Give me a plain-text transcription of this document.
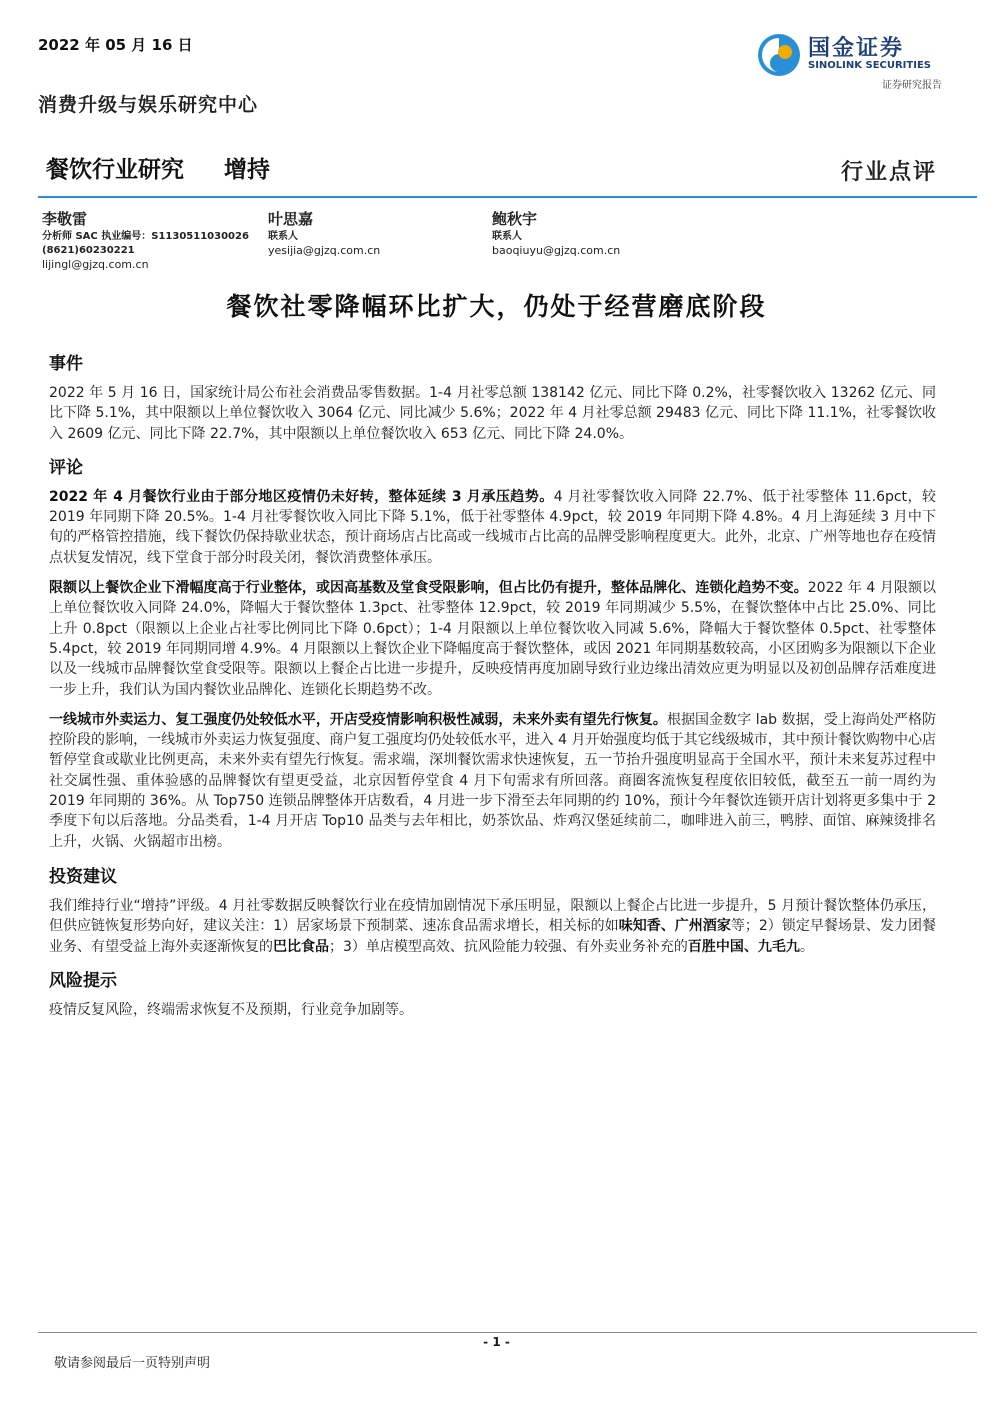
2022 年 05 月 16 日	国金证券
SINOLINK SECURITIES
证券研究报告
消费升级与娱乐研究中心
餐饮行业研究 增持	行业点评
李敬雷
分析师 SAC 执业编号：S1130511030026
(8621)60230221
lijingl@gjzq.com.cn
叶思嘉
联系人
yesijia@gjzq.com.cn
鲍秋宇
联系人
baoqiuyu@gjzq.com.cn
餐饮社零降幅环比扩大，仍处于经营磨底阶段
事件

2022 年 5 月 16 日，国家统计局公布社会消费品零售数据。1-4 月社零总额 138142 亿元、同比下降 0.2%，社零餐饮收入 13262 亿元、同比下降 5.1%，其中限额以上单位餐饮收入 3064 亿元、同比减少 5.6%；2022 年 4 月社零总额 29483 亿元、同比下降 11.1%，社零餐饮收入 2609 亿元、同比下降 22.7%，其中限额以上单位餐饮收入 653 亿元、同比下降 24.0%。

评论

2022 年 4 月餐饮行业由于部分地区疫情仍未好转，整体延续 3 月承压趋势。4 月社零餐饮收入同降 22.7%、低于社零整体 11.6pct，较 2019 年同期下降 20.5%。1-4 月社零餐饮收入同比下降 5.1%，低于社零整体 4.9pct，较 2019 年同期下降 4.8%。4 月上海延续 3 月中下旬的严格管控措施，线下餐饮仍保持歇业状态，预计商场店占比高或一线城市占比高的品牌受影响程度更大。此外，北京、广州等地也存在疫情点状复发情况，线下堂食于部分时段关闭，餐饮消费整体承压。

限额以上餐饮企业下滑幅度高于行业整体，或因高基数及堂食受限影响，但占比仍有提升，整体品牌化、连锁化趋势不变。2022 年 4 月限额以上单位餐饮收入同降 24.0%，降幅大于餐饮整体 1.3pct、社零整体 12.9pct，较 2019 年同期减少 5.5%，在餐饮整体中占比 25.0%、同比上升 0.8pct（限额以上企业占社零比例同比下降 0.6pct）；1-4 月限额以上单位餐饮收入同减 5.6%，降幅大于餐饮整体 0.5pct、社零整体 5.4pct，较 2019 年同期同增 4.9%。4 月限额以上餐饮企业下降幅度高于餐饮整体，或因 2021 年同期基数较高，小区团购多为限额以下企业以及一线城市品牌餐饮堂食受限等。限额以上餐企占比进一步提升，反映疫情再度加剧导致行业边缘出清效应更为明显以及初创品牌存活难度进一步上升，我们认为国内餐饮业品牌化、连锁化长期趋势不改。

一线城市外卖运力、复工强度仍处较低水平，开店受疫情影响积极性减弱，未来外卖有望先行恢复。根据国金数字 lab 数据，受上海尚处严格防控阶段的影响，一线城市外卖运力恢复强度、商户复工强度均仍处较低水平，进入 4 月开始强度均低于其它线级城市，其中预计餐饮购物中心店暂停堂食或歇业比例更高，未来外卖有望先行恢复。需求端，深圳餐饮需求快速恢复，五一节抬升强度明显高于全国水平，预计未来复苏过程中社交属性强、重体验感的品牌餐饮有望更受益，北京因暂停堂食 4 月下旬需求有所回落。商圈客流恢复程度依旧较低，截至五一前一周约为 2019 年同期的 36%。从 Top750 连锁品牌整体开店数看，4 月进一步下滑至去年同期的约 10%，预计今年餐饮连锁开店计划将更多集中于 2 季度下旬以后落地。分品类看，1-4 月开店 Top10 品类与去年相比，奶茶饮品、炸鸡汉堡延续前二，咖啡进入前三，鸭脖、面馆、麻辣烫排名上升，火锅、火锅超市出榜。

投资建议

我们维持行业“增持”评级。4 月社零数据反映餐饮行业在疫情加剧情况下承压明显，限额以上餐企占比进一步提升，5 月预计餐饮整体仍承压，但供应链恢复形势向好，建议关注：1）居家场景下预制菜、速冻食品需求增长，相关标的如味知香、广州酒家等；2）锁定早餐场景、发力团餐业务、有望受益上海外卖逐渐恢复的巴比食品；3）单店模型高效、抗风险能力较强、有外卖业务补充的百胜中国、九毛九。

风险提示

疫情反复风险，终端需求恢复不及预期，行业竞争加剧等。

- 1 -
敬请参阅最后一页特别声明
